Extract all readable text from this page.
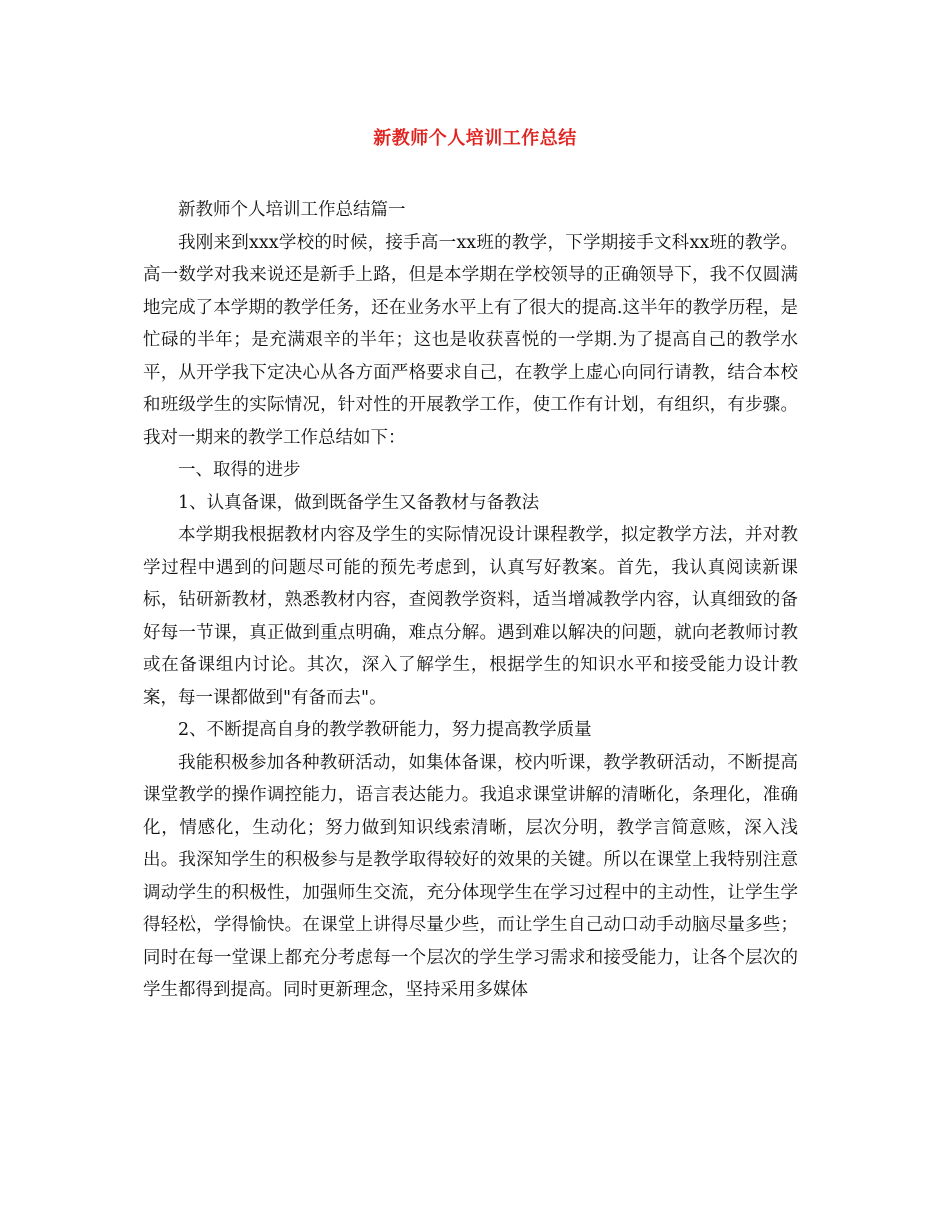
新教师个人培训工作总结

新教师个人培训工作总结篇一

我刚来到xxx学校的时候，接手高一xx班的教学，下学期接手文科xx班的教学。高一数学对我来说还是新手上路，但是本学期在学校领导的正确领导下，我不仅圆满地完成了本学期的教学任务，还在业务水平上有了很大的提高.这半年的教学历程，是忙碌的半年；是充满艰辛的半年；这也是收获喜悦的一学期.为了提高自己的教学水平，从开学我下定决心从各方面严格要求自己，在教学上虚心向同行请教，结合本校和班级学生的实际情况，针对性的开展教学工作，使工作有计划，有组织，有步骤。我对一期来的教学工作总结如下：

一、取得的进步

1、认真备课，做到既备学生又备教材与备教法

本学期我根据教材内容及学生的实际情况设计课程教学，拟定教学方法，并对教学过程中遇到的问题尽可能的预先考虑到，认真写好教案。首先，我认真阅读新课标，钻研新教材，熟悉教材内容，查阅教学资料，适当增减教学内容，认真细致的备好每一节课，真正做到重点明确，难点分解。遇到难以解决的问题，就向老教师讨教或在备课组内讨论。其次，深入了解学生，根据学生的知识水平和接受能力设计教案，每一课都做到"有备而去"。

2、不断提高自身的教学教研能力，努力提高教学质量

我能积极参加各种教研活动，如集体备课，校内听课，教学教研活动，不断提高课堂教学的操作调控能力，语言表达能力。我追求课堂讲解的清晰化，条理化，准确化，情感化，生动化；努力做到知识线索清晰，层次分明，教学言简意赅，深入浅出。我深知学生的积极参与是教学取得较好的效果的关键。所以在课堂上我特别注意调动学生的积极性，加强师生交流，充分体现学生在学习过程中的主动性，让学生学得轻松，学得愉快。在课堂上讲得尽量少些，而让学生自己动口动手动脑尽量多些；同时在每一堂课上都充分考虑每一个层次的学生学习需求和接受能力，让各个层次的学生都得到提高。同时更新理念，坚持采用多媒体
